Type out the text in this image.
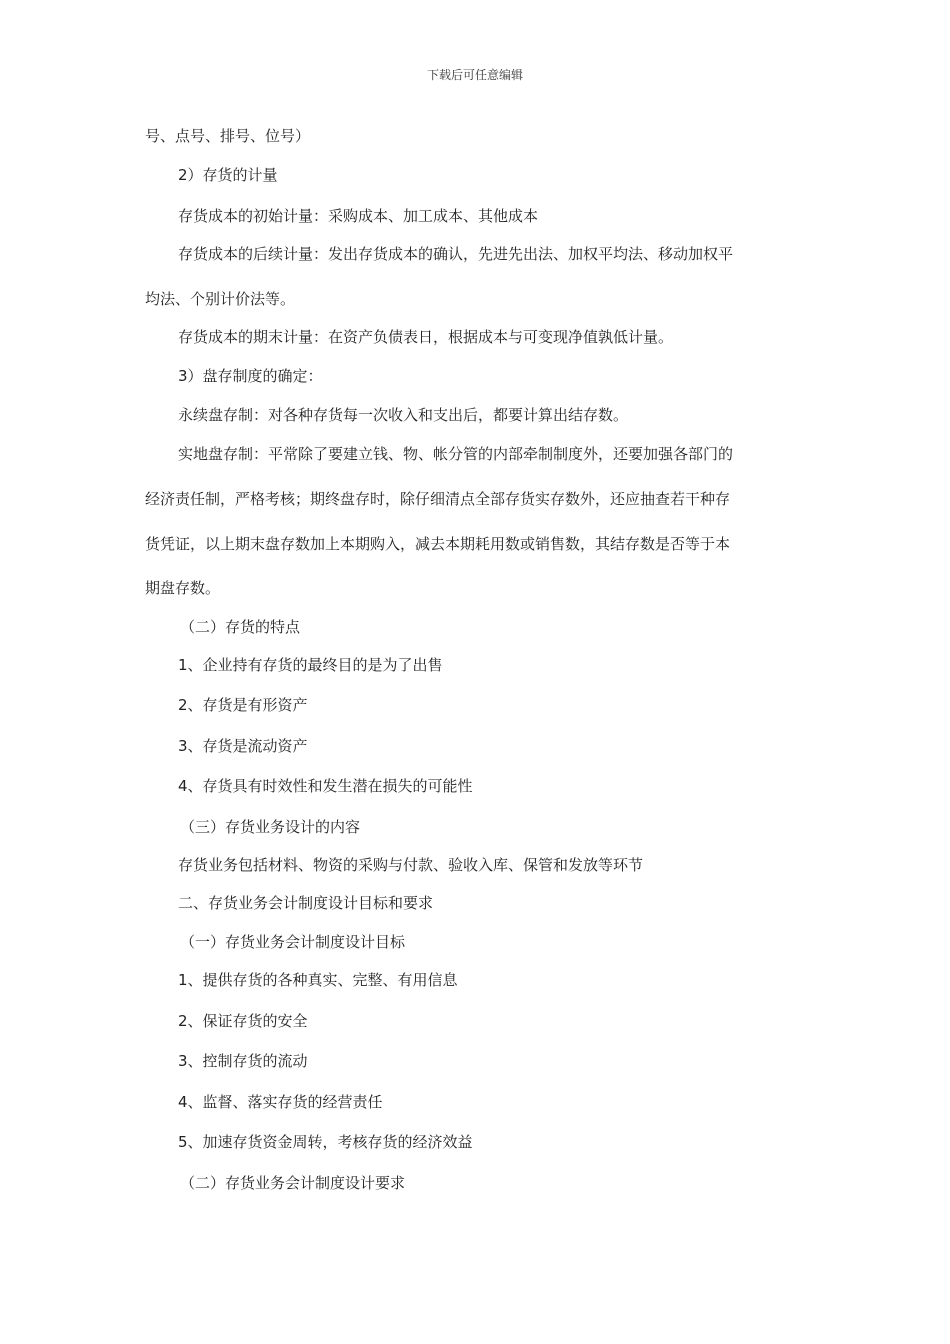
下载后可任意编辑
号、点号、排号、位号）
2）存货的计量
存货成本的初始计量：采购成本、加工成本、其他成本
存货成本的后续计量：发出存货成本的确认，先进先出法、加权平均法、移动加权平
均法、个别计价法等。
存货成本的期末计量：在资产负债表日，根据成本与可变现净值孰低计量。
3）盘存制度的确定：
永续盘存制：对各种存货每一次收入和支出后，都要计算出结存数。
实地盘存制：平常除了要建立钱、物、帐分管的内部牵制制度外，还要加强各部门的
经济责任制，严格考核；期终盘存时，除仔细清点全部存货实存数外，还应抽查若干种存
货凭证，以上期末盘存数加上本期购入，减去本期耗用数或销售数，其结存数是否等于本
期盘存数。
（二）存货的特点
1、企业持有存货的最终目的是为了出售
2、存货是有形资产
3、存货是流动资产
4、存货具有时效性和发生潜在损失的可能性
（三）存货业务设计的内容
存货业务包括材料、物资的采购与付款、验收入库、保管和发放等环节
二、存货业务会计制度设计目标和要求
（一）存货业务会计制度设计目标
1、提供存货的各种真实、完整、有用信息
2、保证存货的安全
3、控制存货的流动
4、监督、落实存货的经营责任
5、加速存货资金周转，考核存货的经济效益
（二）存货业务会计制度设计要求
